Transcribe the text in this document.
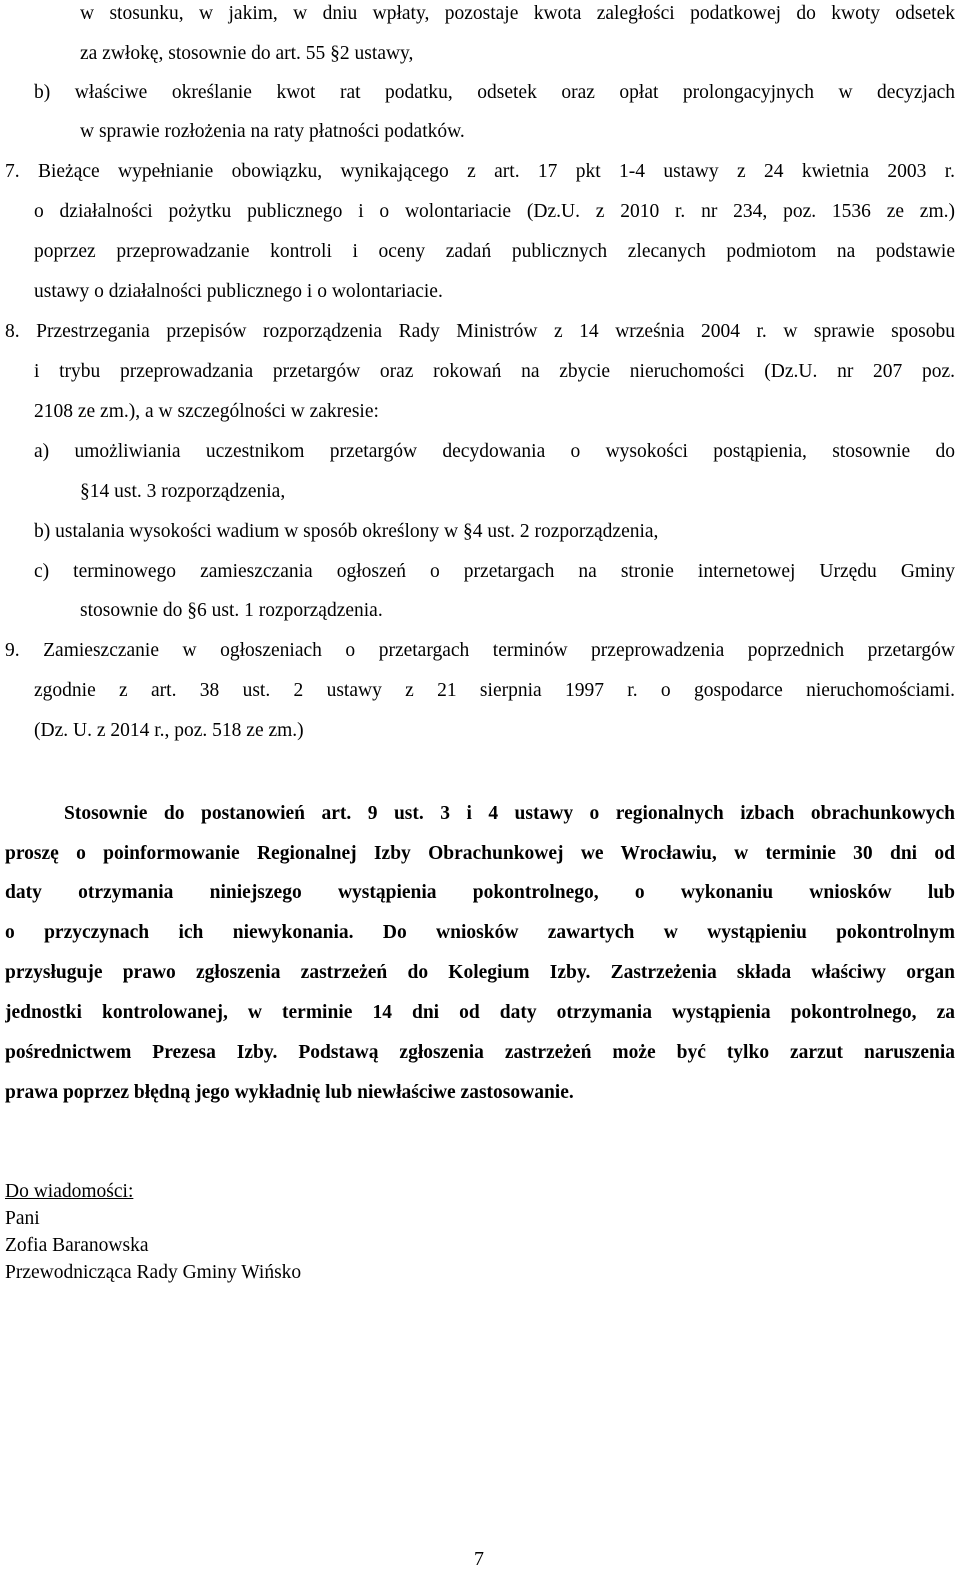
w stosunku, w jakim, w dniu wpłaty, pozostaje kwota zaległości podatkowej do kwoty odsetek
za zwłokę, stosownie do art. 55 §2 ustawy,
b) właściwe określanie kwot rat podatku, odsetek oraz opłat prolongacyjnych w decyzjach
w sprawie rozłożenia na raty płatności podatków.
7. Bieżące wypełnianie obowiązku, wynikającego z art. 17 pkt 1-4 ustawy z 24 kwietnia 2003 r.
o działalności pożytku publicznego i o wolontariacie (Dz.U. z 2010 r. nr 234, poz. 1536 ze zm.)
poprzez przeprowadzanie kontroli i oceny zadań publicznych zlecanych podmiotom na podstawie
ustawy o działalności publicznego i o wolontariacie.
8. Przestrzegania przepisów rozporządzenia Rady Ministrów z 14 września 2004 r. w sprawie sposobu
i trybu przeprowadzania przetargów oraz rokowań na zbycie nieruchomości (Dz.U. nr 207 poz.
2108 ze zm.), a w szczególności w zakresie:
a) umożliwiania uczestnikom przetargów decydowania o wysokości postąpienia, stosownie do
§14 ust. 3 rozporządzenia,
b) ustalania wysokości wadium w sposób określony w §4 ust. 2 rozporządzenia,
c) terminowego zamieszczania ogłoszeń o przetargach na stronie internetowej Urzędu Gminy
stosownie do §6 ust. 1 rozporządzenia.
9. Zamieszczanie w ogłoszeniach o przetargach terminów przeprowadzenia poprzednich przetargów
zgodnie z art. 38 ust. 2 ustawy z 21 sierpnia 1997 r. o gospodarce nieruchomościami.
(Dz. U. z 2014 r., poz. 518 ze zm.)
Stosownie do postanowień art. 9 ust. 3 i 4 ustawy o regionalnych izbach obrachunkowych
proszę o poinformowanie Regionalnej Izby Obrachunkowej we Wrocławiu, w terminie 30 dni od
daty otrzymania niniejszego wystąpienia pokontrolnego, o wykonaniu wniosków lub
o przyczynach ich niewykonania. Do wniosków zawartych w wystąpieniu pokontrolnym
przysługuje prawo zgłoszenia zastrzeżeń do Kolegium Izby. Zastrzeżenia składa właściwy organ
jednostki kontrolowanej, w terminie 14 dni od daty otrzymania wystąpienia pokontrolnego, za
pośrednictwem Prezesa Izby. Podstawą zgłoszenia zastrzeżeń może być tylko zarzut naruszenia
prawa poprzez błędną jego wykładnię lub niewłaściwe zastosowanie.
Do wiadomości:
Pani
Zofia Baranowska
Przewodnicząca Rady Gminy Wińsko
7
